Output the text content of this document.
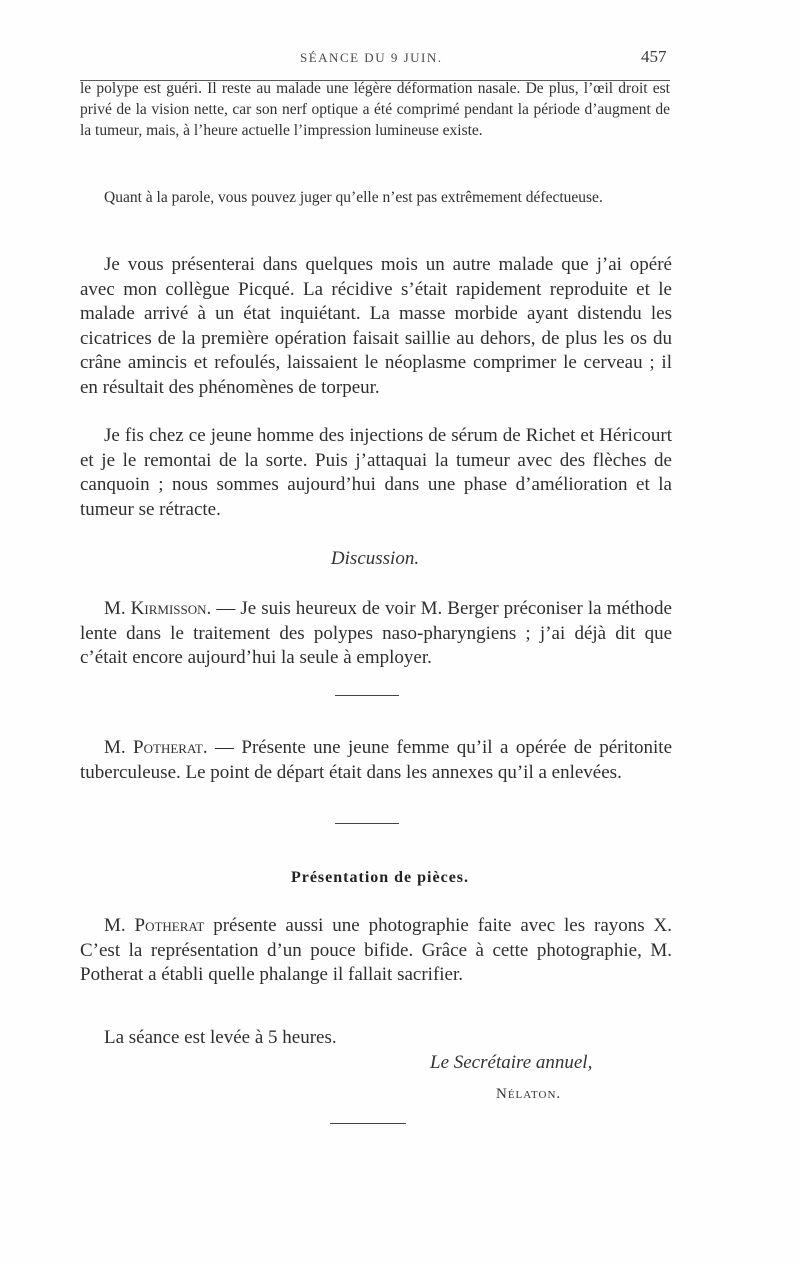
SÉANCE DU 9 JUIN.	457

le polype est guéri. Il reste au malade une légère déformation nasale. De plus, l’œil droit est privé de la vision nette, car son nerf optique a été comprimé pendant la période d’augment de la tumeur, mais, à l’heure actuelle l’impression lumineuse existe.

Quant à la parole, vous pouvez juger qu’elle n’est pas extrêmement défectueuse.

Je vous présenterai dans quelques mois un autre malade que j’ai opéré avec mon collègue Picqué. La récidive s’était rapidement reproduite et le malade arrivé à un état inquiétant. La masse morbide ayant distendu les cicatrices de la première opération faisait saillie au dehors, de plus les os du crâne amincis et refoulés, laissaient le néoplasme comprimer le cerveau ; il en résultait des phénomènes de torpeur.

Je fis chez ce jeune homme des injections de sérum de Richet et Héricourt et je le remontai de la sorte. Puis j’attaquai la tumeur avec des flèches de canquoin ; nous sommes aujourd’hui dans une phase d’amélioration et la tumeur se rétracte.

Discussion.

M. Kirmisson. — Je suis heureux de voir M. Berger préconiser la méthode lente dans le traitement des polypes naso-pharyngiens ; j’ai déjà dit que c’était encore aujourd’hui la seule à employer.

M. Potherat. — Présente une jeune femme qu’il a opérée de péritonite tuberculeuse. Le point de départ était dans les annexes qu’il a enlevées.

Présentation de pièces.

M. Potherat présente aussi une photographie faite avec les rayons X. C’est la représentation d’un pouce bifide. Grâce à cette photographie, M. Potherat a établi quelle phalange il fallait sacrifier.

La séance est levée à 5 heures.

Le Secrétaire annuel,
Nélaton.
